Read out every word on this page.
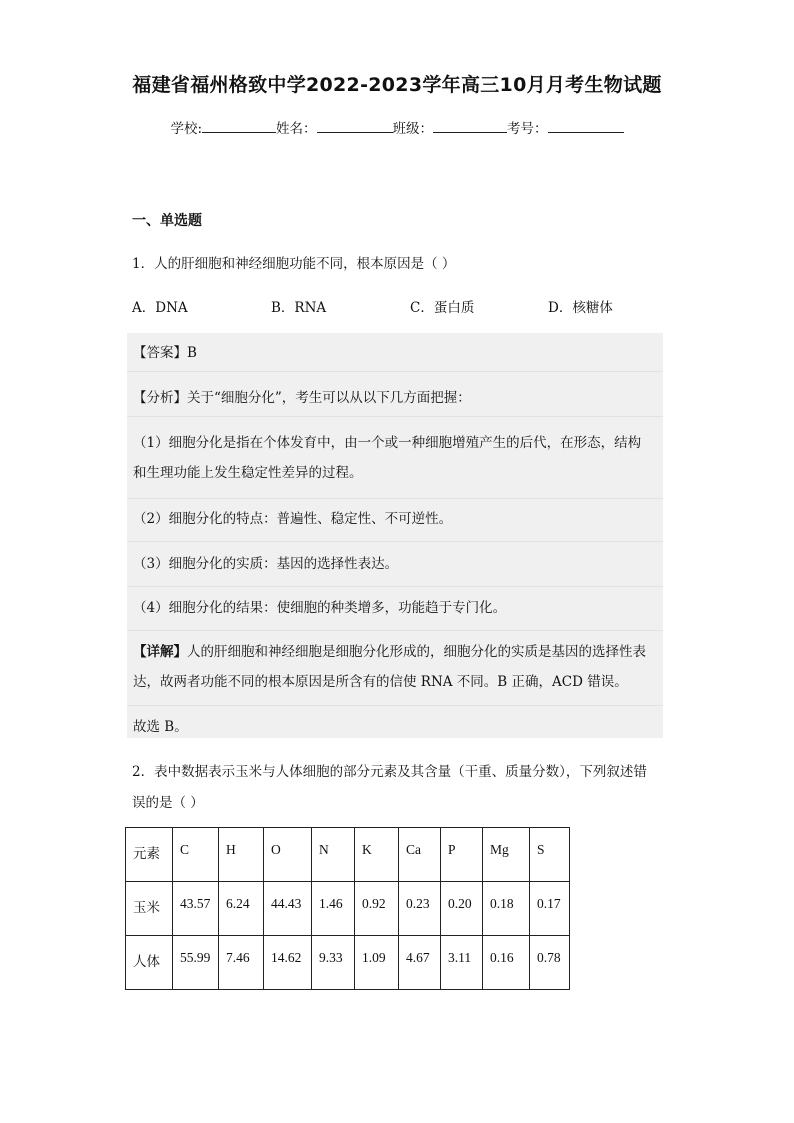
福建省福州格致中学2022-2023学年高三10月月考生物试题
学校:	姓名：	班级：	考号：
一、单选题
1．人的肝细胞和神经细胞功能不同，根本原因是（ ）
A．DNA	B．RNA	C．蛋白质	D．核糖体
【答案】B
【分析】关于“细胞分化”，考生可以从以下几方面把握：
（1）细胞分化是指在个体发育中，由一个或一种细胞增殖产生的后代，在形态，结构
和生理功能上发生稳定性差异的过程。
（2）细胞分化的特点：普遍性、稳定性、不可逆性。
（3）细胞分化的实质：基因的选择性表达。
（4）细胞分化的结果：使细胞的种类增多，功能趋于专门化。
【详解】人的肝细胞和神经细胞是细胞分化形成的，细胞分化的实质是基因的选择性表
达，故两者功能不同的根本原因是所含有的信使 RNA 不同。B 正确，ACD 错误。
故选 B。
2．表中数据表示玉米与人体细胞的部分元素及其含量（干重、质量分数），下列叙述错
误的是（ ）
元素	C	H	O	N	K	Ca	P	Mg	S
玉米	43.57	6.24	44.43	1.46	0.92	0.23	0.20	0.18	0.17
人体	55.99	7.46	14.62	9.33	1.09	4.67	3.11	0.16	0.78
